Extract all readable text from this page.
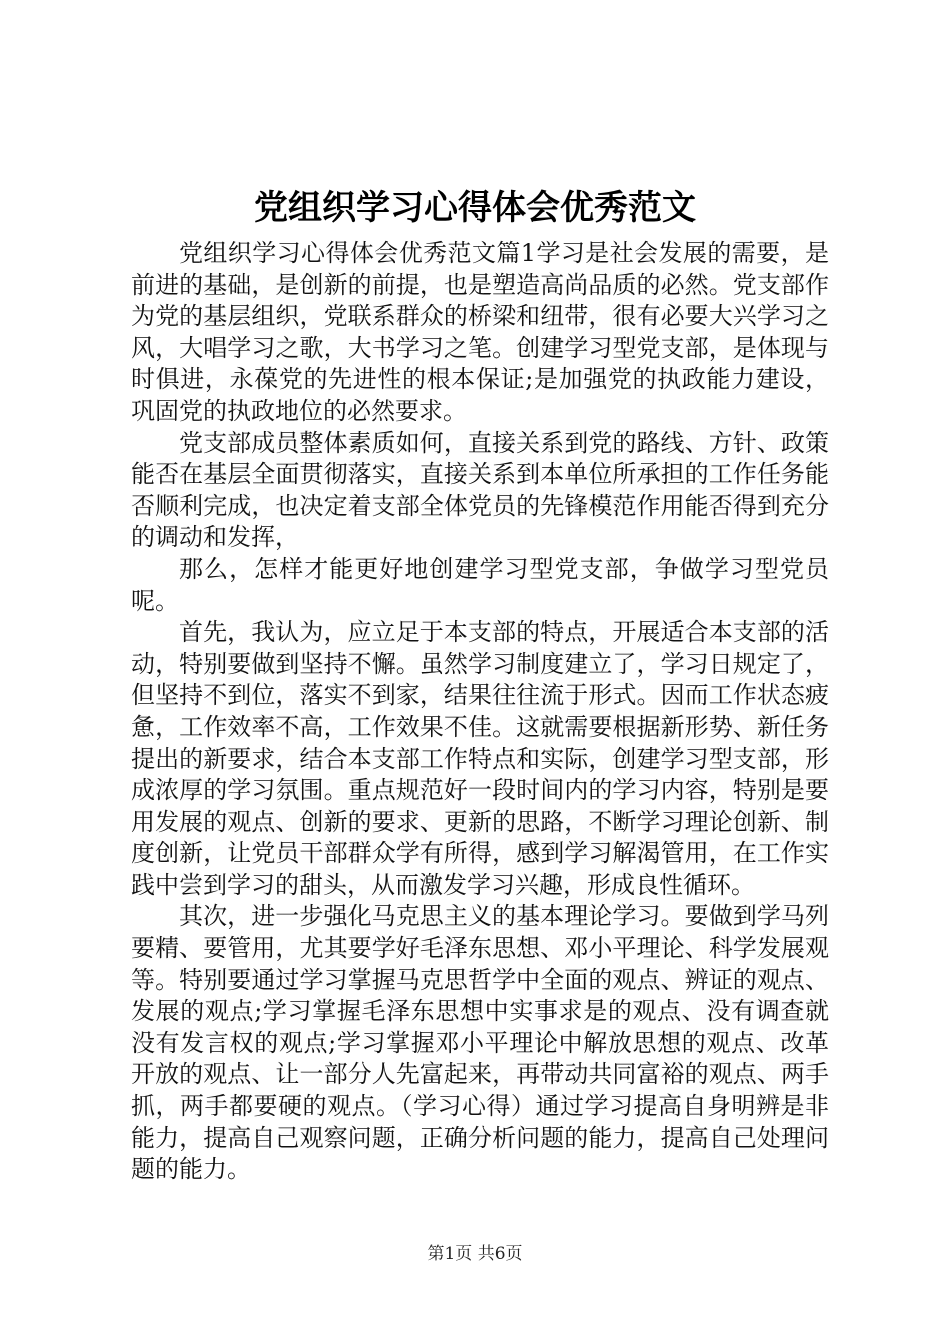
党组织学习心得体会优秀范文

党组织学习心得体会优秀范文篇1学习是社会发展的需要，是前进的基础，是创新的前提，也是塑造高尚品质的必然。党支部作为党的基层组织，党联系群众的桥梁和纽带，很有必要大兴学习之风，大唱学习之歌，大书学习之笔。创建学习型党支部，是体现与时俱进，永葆党的先进性的根本保证;是加强党的执政能力建设，巩固党的执政地位的必然要求。

党支部成员整体素质如何，直接关系到党的路线、方针、政策能否在基层全面贯彻落实，直接关系到本单位所承担的工作任务能否顺利完成，也决定着支部全体党员的先锋模范作用能否得到充分的调动和发挥，

那么，怎样才能更好地创建学习型党支部，争做学习型党员呢。

首先，我认为，应立足于本支部的特点，开展适合本支部的活动，特别要做到坚持不懈。虽然学习制度建立了，学习日规定了，但坚持不到位，落实不到家，结果往往流于形式。因而工作状态疲惫，工作效率不高，工作效果不佳。这就需要根据新形势、新任务提出的新要求，结合本支部工作特点和实际，创建学习型支部，形成浓厚的学习氛围。重点规范好一段时间内的学习内容，特别是要用发展的观点、创新的要求、更新的思路，不断学习理论创新、制度创新，让党员干部群众学有所得，感到学习解渴管用，在工作实践中尝到学习的甜头，从而激发学习兴趣，形成良性循环。

其次，进一步强化马克思主义的基本理论学习。要做到学马列要精、要管用，尤其要学好毛泽东思想、邓小平理论、科学发展观等。特别要通过学习掌握马克思哲学中全面的观点、辨证的观点、发展的观点;学习掌握毛泽东思想中实事求是的观点、没有调查就没有发言权的观点;学习掌握邓小平理论中解放思想的观点、改革开放的观点、让一部分人先富起来，再带动共同富裕的观点、两手抓，两手都要硬的观点。（学习心得）通过学习提高自身明辨是非能力，提高自己观察问题，正确分析问题的能力，提高自己处理问题的能力。

第1页 共6页
